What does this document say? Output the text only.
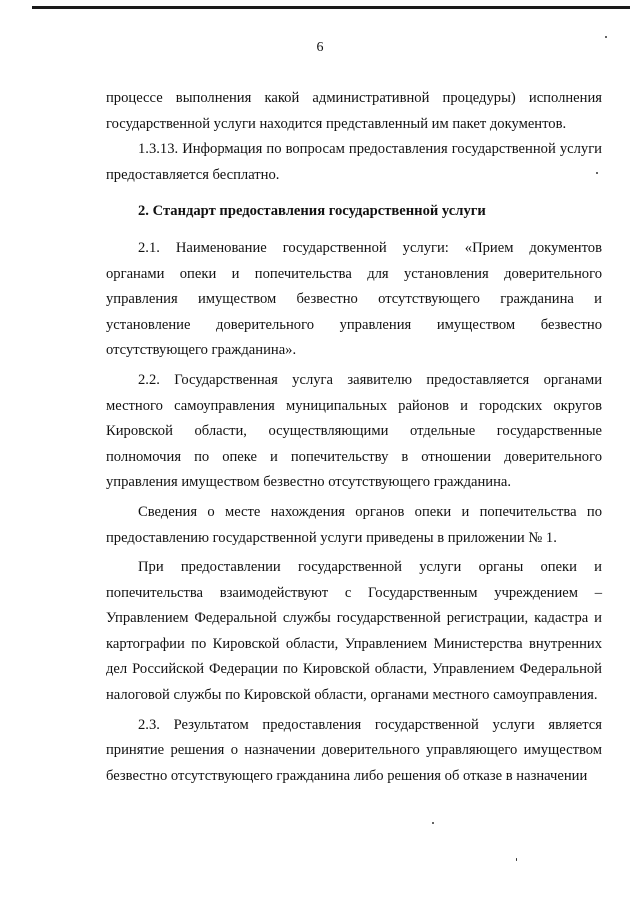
6

процессе выполнения какой административной процедуры) исполнения государственной услуги находится представленный им пакет документов.

1.3.13. Информация по вопросам предоставления государственной услуги предоставляется бесплатно.

2. Стандарт предоставления государственной услуги

2.1. Наименование государственной услуги: «Прием документов органами опеки и попечительства для установления доверительного управления имуществом безвестно отсутствующего гражданина и установление доверительного управления имуществом безвестно отсутствующего гражданина».

2.2. Государственная услуга заявителю предоставляется органами местного самоуправления муниципальных районов и городских округов Кировской области, осуществляющими отдельные государственные полномочия по опеке и попечительству в отношении доверительного управления имуществом безвестно отсутствующего гражданина.

Сведения о месте нахождения органов опеки и попечительства по предоставлению государственной услуги приведены в приложении № 1.

При предоставлении государственной услуги органы опеки и попечительства взаимодействуют с Государственным учреждением – Управлением Федеральной службы государственной регистрации, кадастра и картографии по Кировской области, Управлением Министерства внутренних дел Российской Федерации по Кировской области, Управлением Федеральной налоговой службы по Кировской области, органами местного самоуправления.

2.3. Результатом предоставления государственной услуги является принятие решения о назначении доверительного управляющего имуществом безвестно отсутствующего гражданина либо решения об отказе в назначении
